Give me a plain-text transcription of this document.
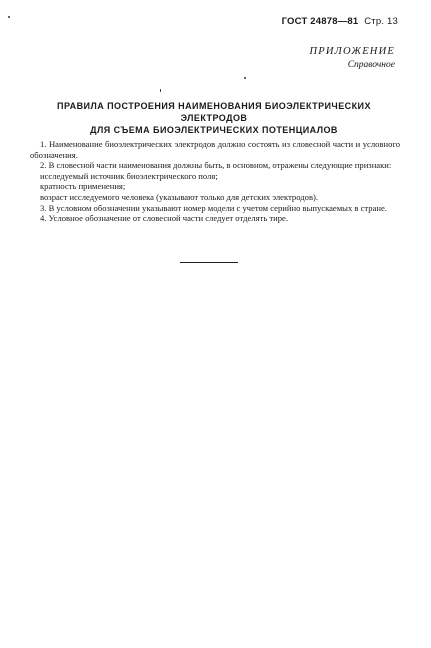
ГОСТ 24878—81 Стр. 13
ПРИЛОЖЕНИЕ
Справочное
ПРАВИЛА ПОСТРОЕНИЯ НАИМЕНОВАНИЯ БИОЭЛЕКТРИЧЕСКИХ ЭЛЕКТРОДОВ
ДЛЯ СЪЕМА БИОЭЛЕКТРИЧЕСКИХ ПОТЕНЦИАЛОВ

1. Наименование биоэлектрических электродов должно состоять из словесной части и условного обозначения.

2. В словесной части наименования должны быть, в основном, отражены следующие признаки:

исследуемый источник биоэлектрического поля;

кратность применения;

возраст исследуемого человека (указывают только для детских электродов).

3. В условном обозначении указывают номер модели с учетом серийно выпускаемых в стране.

4. Условное обозначение от словесной части следует отделять тире.
